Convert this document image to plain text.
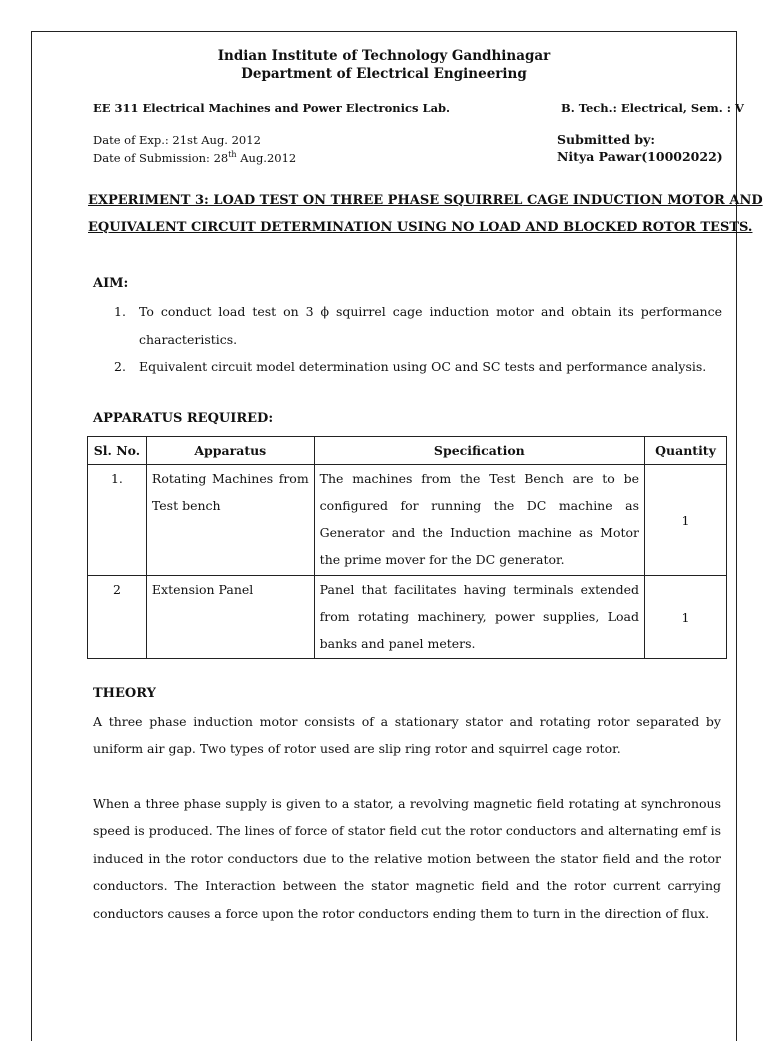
Indian Institute of Technology Gandhinagar
Department of Electrical Engineering
EE 311 Electrical Machines and Power Electronics Lab.	B. Tech.: Electrical, Sem. : V
Date of Exp.: 21st Aug. 2012
Date of Submission: 28th Aug.2012
Submitted by:
Nitya Pawar(10002022)
EXPERIMENT 3: LOAD TEST ON THREE PHASE SQUIRREL CAGE INDUCTION MOTOR AND
EQUIVALENT CIRCUIT DETERMINATION USING NO LOAD AND BLOCKED ROTOR TESTS.
AIM:
1. To conduct load test on 3 ϕ squirrel cage induction motor and obtain its performance characteristics.
2. Equivalent circuit model determination using OC and SC tests and performance analysis.
APPARATUS REQUIRED:
Sl. No.	Apparatus	Specification	Quantity
1.	Rotating Machines from Test bench	The machines from the Test Bench are to be configured for running the DC machine as Generator and the Induction machine as Motor the prime mover for the DC generator.	1
2	Extension Panel	Panel that facilitates having terminals extended from rotating machinery, power supplies, Load banks and panel meters.	1
THEORY
A three phase induction motor consists of a stationary stator and rotating rotor separated by uniform air gap. Two types of rotor used are slip ring rotor and squirrel cage rotor.
When a three phase supply is given to a stator, a revolving magnetic field rotating at synchronous speed is produced. The lines of force of stator field cut the rotor conductors and alternating emf is induced in the rotor conductors due to the relative motion between the stator field and the rotor conductors. The Interaction between the stator magnetic field and the rotor current carrying conductors causes a force upon the rotor conductors ending them to turn in the direction of flux.
